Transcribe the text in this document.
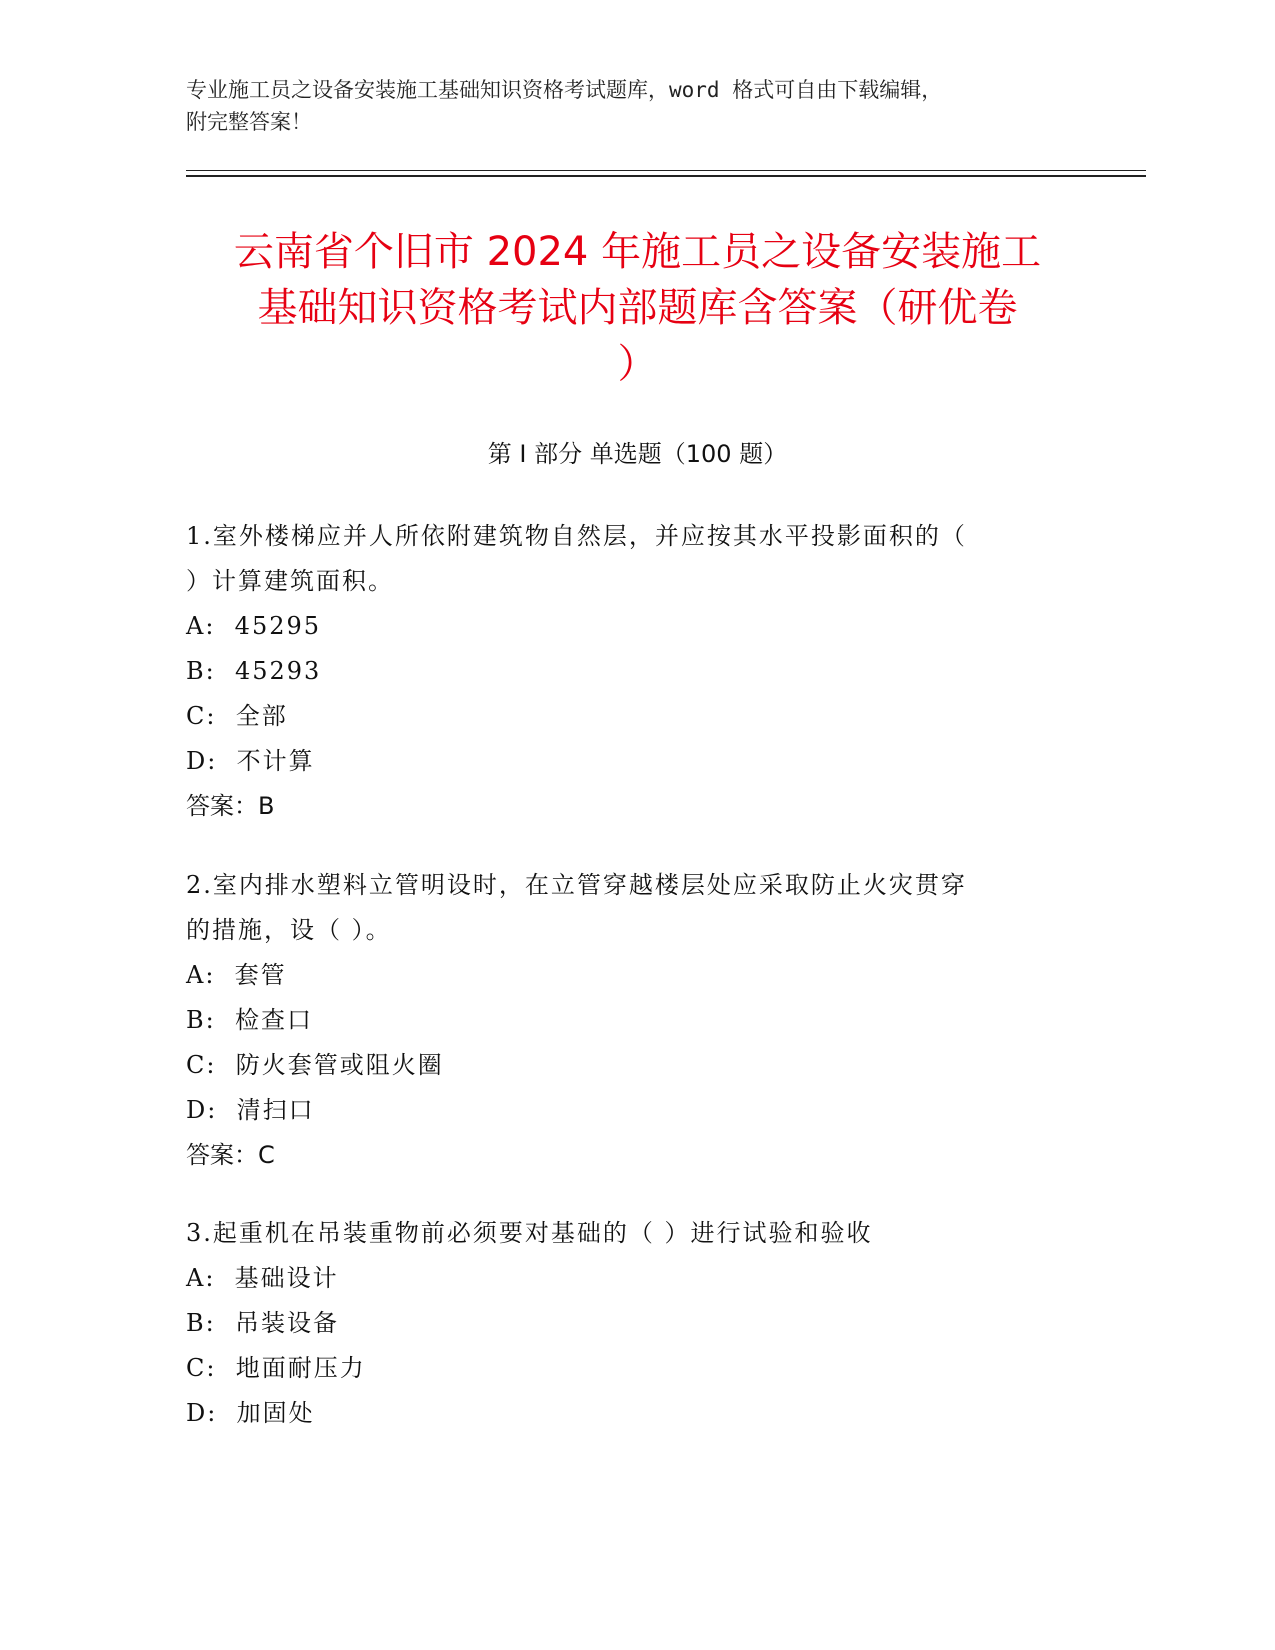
专业施工员之设备安装施工基础知识资格考试题库，word 格式可自由下载编辑，
附完整答案！
云南省个旧市 2024 年施工员之设备安装施工
基础知识资格考试内部题库含答案（研优卷
）
第 I 部分 单选题（100 题）

1.室外楼梯应并人所依附建筑物自然层，并应按其水平投影面积的（

）计算建筑面积。

A:  45295

B:  45293

C:  全部

D:  不计算

答案：B

2.室内排水塑料立管明设时，在立管穿越楼层处应采取防止火灾贯穿

的措施，设（ ）。

A:  套管

B:  检查口

C:  防火套管或阻火圈

D:  清扫口

答案：C

3.起重机在吊装重物前必须要对基础的（ ）进行试验和验收

A:  基础设计

B:  吊装设备

C:  地面耐压力

D:  加固处
